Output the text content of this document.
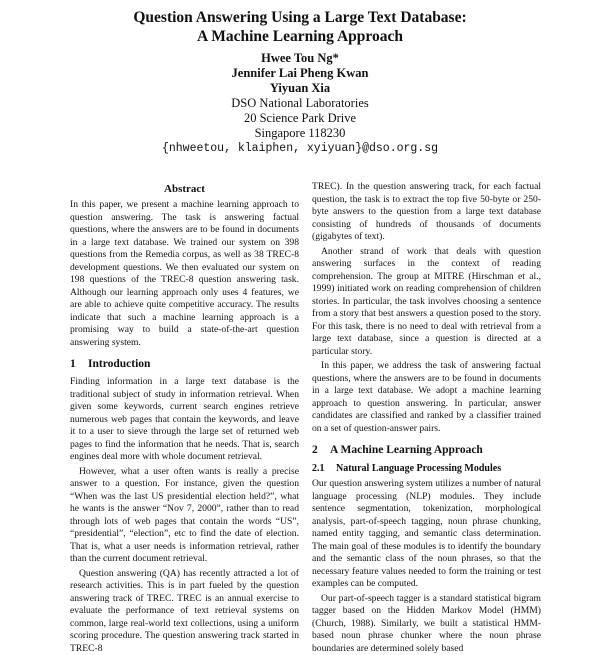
Question Answering Using a Large Text Database:
A Machine Learning Approach
Hwee Tou Ng*
Jennifer Lai Pheng Kwan
Yiyuan Xia
DSO National Laboratories
20 Science Park Drive
Singapore 118230
{nhweetou, klaiphen, xyiyuan}@dso.org.sg
Abstract

In this paper, we present a machine learning approach to question answering. The task is answering factual questions, where the answers are to be found in documents in a large text database. We trained our system on 398 questions from the Remedia corpus, as well as 38 TREC-8 development questions. We then evaluated our system on 198 questions of the TREC-8 question answering task. Although our learning approach only uses 4 features, we are able to achieve quite competitive accuracy. The results indicate that such a machine learning approach is a promising way to build a state-of-the-art question answering system.

1 Introduction

Finding information in a large text database is the traditional subject of study in information retrieval. When given some keywords, current search engines retrieve numerous web pages that contain the keywords, and leave it to a user to sieve through the large set of returned web pages to find the information that he needs. That is, search engines deal more with whole document retrieval.

However, what a user often wants is really a precise answer to a question. For instance, given the question “When was the last US presidential election held?”, what he wants is the answer “Nov 7, 2000”, rather than to read through lots of web pages that contain the words “US”, “presidential”, “election”, etc to find the date of election. That is, what a user needs is information retrieval, rather than the current document retrieval.

Question answering (QA) has recently attracted a lot of research activities. This is in part fueled by the question answering track of TREC. TREC is an annual exercise to evaluate the performance of text retrieval systems on common, large real-world text collections, using a uniform scoring procedure. The question answering track started in TREC-8

TREC). In the question answering track, for each factual question, the task is to extract the top five 50-byte or 250-byte answers to the question from a large text database consisting of hundreds of thousands of documents (gigabytes of text).

Another strand of work that deals with question answering surfaces in the context of reading comprehension. The group at MITRE (Hirschman et al., 1999) initiated work on reading comprehension of children stories. In particular, the task involves choosing a sentence from a story that best answers a question posed to the story. For this task, there is no need to deal with retrieval from a large text database, since a question is directed at a particular story.

In this paper, we address the task of answering factual questions, where the answers are to be found in documents in a large text database. We adopt a machine learning approach to question answering. In particular, answer candidates are classified and ranked by a classifier trained on a set of question-answer pairs.

2 A Machine Learning Approach
2.1 Natural Language Processing Modules

Our question answering system utilizes a number of natural language processing (NLP) modules. They include sentence segmentation, tokenization, morphological analysis, part-of-speech tagging, noun phrase chunking, named entity tagging, and semantic class determination. The main goal of these modules is to identify the boundary and the semantic class of the noun phrases, so that the necessary feature values needed to form the training or test examples can be computed.

Our part-of-speech tagger is a standard statistical bigram tagger based on the Hidden Markov Model (HMM) (Church, 1988). Similarly, we built a statistical HMM-based noun phrase chunker where the noun phrase boundaries are determined solely based
